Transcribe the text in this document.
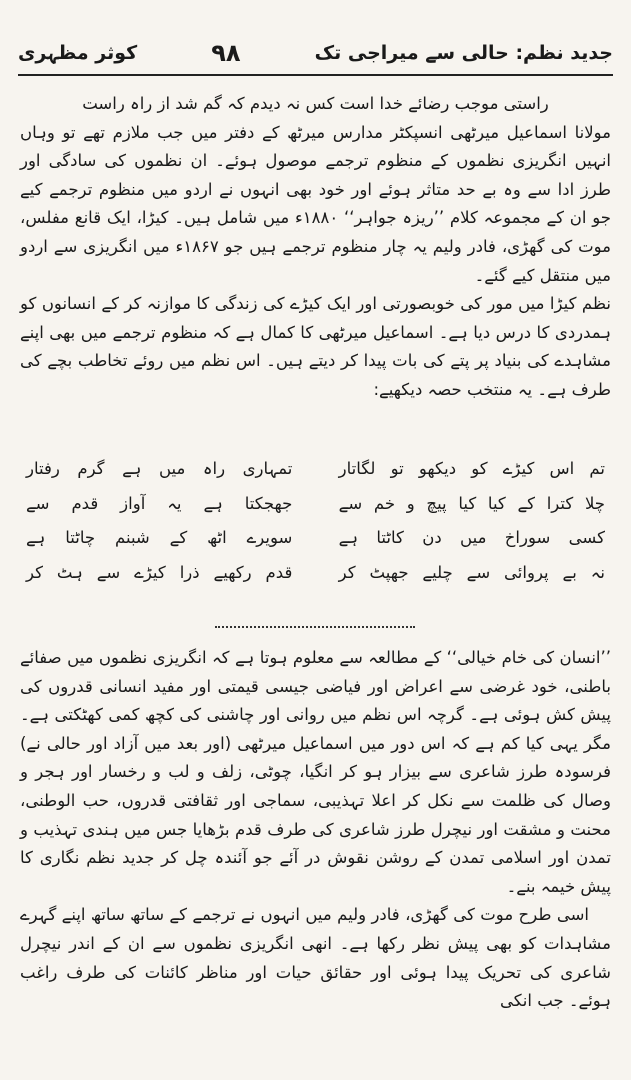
جدید نظم: حالی سے میراجی تک
۹۸
کوثر مظہری

راستی موجب رضائے خدا است کس نہ دیدم کہ گم شد از راہ راست

مولانا اسماعیل میرٹھی انسپکٹر مدارس میرٹھ کے دفتر میں جب ملازم تھے تو وہاں انہیں انگریزی نظموں کے منظوم ترجمے موصول ہوئے۔ ان نظموں کی سادگی اور طرز ادا سے وہ بے حد متاثر ہوئے اور خود بھی انہوں نے اردو میں منظوم ترجمے کیے جو ان کے مجموعہ کلام ’’ریزہ جواہر‘‘ ۱۸۸۰ء میں شامل ہیں۔ کیڑا، ایک قانع مفلس، موت کی گھڑی، فادر ولیم یہ چار منظوم ترجمے ہیں جو ۱۸۶۷ء میں انگریزی سے اردو میں منتقل کیے گئے۔

نظم کیڑا میں مور کی خوبصورتی اور ایک کیڑے کی زندگی کا موازنہ کر کے انسانوں کو ہمدردی کا درس دیا ہے۔ اسماعیل میرٹھی کا کمال ہے کہ منظوم ترجمے میں بھی اپنے مشاہدے کی بنیاد پر پتے کی بات پیدا کر دیتے ہیں۔ اس نظم میں روئے تخاطب بچے کی طرف ہے۔ یہ منتخب حصہ دیکھیے:

تم اس کیڑے کو دیکھو تو لگاتار
تمہاری راہ میں ہے گرم رفتار
چلا کترا کے کیا کیا پیچ و خم سے
جھجکتا ہے یہ آواز قدم سے
کسی سوراخ میں دن کاٹتا ہے
سویرے اٹھ کے شبنم چاٹتا ہے
نہ بے پروائی سے چلیے جھپٹ کر
قدم رکھیے ذرا کیڑے سے ہٹ کر

’’انسان کی خام خیالی‘‘ کے مطالعہ سے معلوم ہوتا ہے کہ انگریزی نظموں میں صفائے باطنی، خود غرضی سے اعراض اور فیاضی جیسی قیمتی اور مفید انسانی قدروں کی پیش کش ہوئی ہے۔ گرچہ اس نظم میں روانی اور چاشنی کی کچھ کمی کھٹکتی ہے۔ مگر یہی کیا کم ہے کہ اس دور میں اسماعیل میرٹھی (اور بعد میں آزاد اور حالی نے) فرسودہ طرز شاعری سے بیزار ہو کر انگیا، چوٹی، زلف و لب و رخسار اور ہجر و وصال کی ظلمت سے نکل کر اعلا تہذیبی، سماجی اور ثقافتی قدروں، حب الوطنی، محنت و مشقت اور نیچرل طرز شاعری کی طرف قدم بڑھایا جس میں ہندی تہذیب و تمدن اور اسلامی تمدن کے روشن نقوش در آئے جو آئندہ چل کر جدید نظم نگاری کا پیش خیمہ بنے۔

اسی طرح موت کی گھڑی، فادر ولیم میں انہوں نے ترجمے کے ساتھ ساتھ اپنے گہرے مشاہدات کو بھی پیش نظر رکھا ہے۔ انھی انگریزی نظموں سے ان کے اندر نیچرل شاعری کی تحریک پیدا ہوئی اور حقائق حیات اور مناظر کائنات کی طرف راغب ہوئے۔ جب انکی
